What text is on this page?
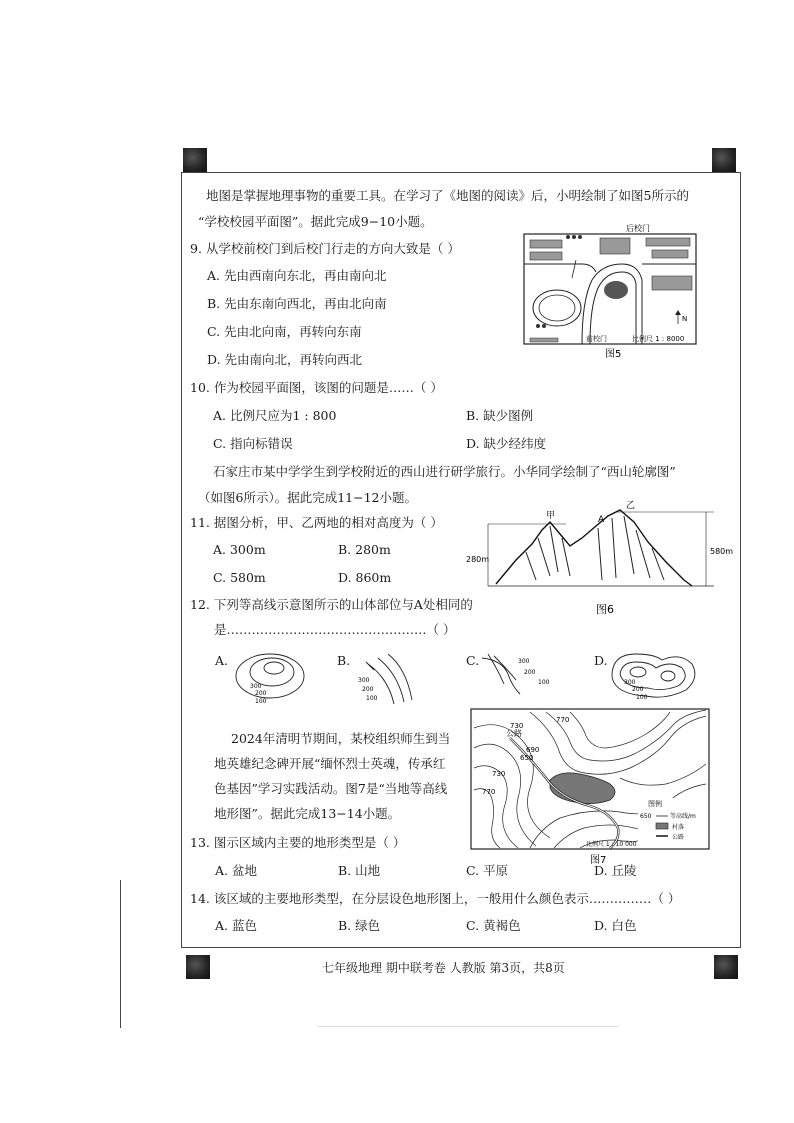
地图是掌握地理事物的重要工具。在学习了《地图的阅读》后，小明绘制了如图5所示的
“学校校园平面图”。据此完成9−10小题。
9. 从学校前校门到后校门行走的方向大致是（ ）
A. 先由西南向东北，再由南向北
B. 先由东南向西北，再由北向南
C. 先由北向南，再转向东南
D. 先由南向北，再转向西北
N
后校门
前校门	比例尺 1 : 8000
图5
10. 作为校园平面图，该图的问题是……（ ）
A. 比例尺应为1 : 800	B. 缺少图例
C. 指向标错误	D. 缺少经纬度
石家庄市某中学学生到学校附近的西山进行研学旅行。小华同学绘制了“西山轮廓图”
（如图6所示）。据此完成11−12小题。
11. 据图分析，甲、乙两地的相对高度为（ ）
A. 300m	B. 280m
C. 580m	D. 860m
甲
乙
A
280m
580m
图6
12. 下列等高线示意图所示的山体部位与A处相同的
是…………………………………………（ ）
A.	B.	C.	D.
300
200
100
300
200
100
300
200
100	300
200
100
2024年清明节期间，某校组织师生到当
地英雄纪念碑开展“缅怀烈士英魂，传承红
色基因”学习实践活动。图7是“当地等高线
地形图”。据此完成13−14小题。
公路
730
770
690
650
730
770
图例
650	等高线/m
村落
公路
比例尺 1 : 10 000
图7
13. 图示区域内主要的地形类型是（ ）
A. 盆地	B. 山地	C. 平原	D. 丘陵
14. 该区域的主要地形类型，在分层设色地形图上，一般用什么颜色表示……………（ ）
A. 蓝色	B. 绿色	C. 黄褐色	D. 白色
七年级地理 期中联考卷 人教版 第3页，共8页
